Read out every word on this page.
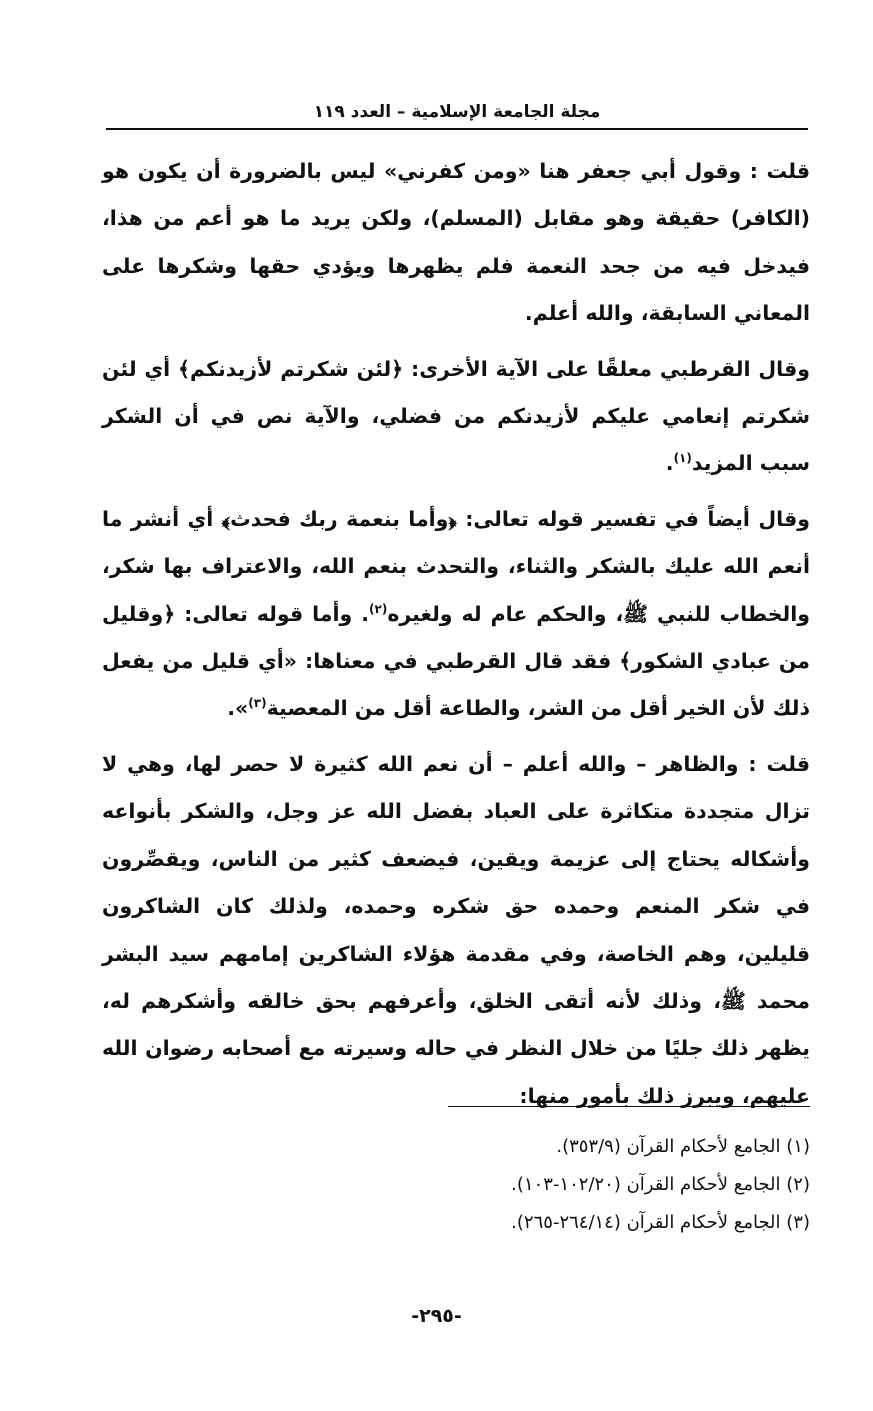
مجلة الجامعة الإسلامية – العدد ١١٩

قلت : وقول أبي جعفر هنا «ومن كفرني» ليس بالضرورة أن يكون هو (الكافر) حقيقة وهو مقابل (المسلم)، ولكن يريد ما هو أعم من هذا، فيدخل فيه من جحد النعمة فلم يظهرها ويؤدي حقها وشكرها على المعاني السابقة، والله أعلم.

وقال القرطبي معلقًا على الآية الأخرى: ﴿لئن شكرتم لأزيدنكم﴾ أي لئن شكرتم إنعامي عليكم لأزيدنكم من فضلي، والآية نص في أن الشكر سبب المزيد$^{(١)}$.

وقال أيضاً في تفسير قوله تعالى: ﴿وأما بنعمة ربك فحدث﴾ أي أنشر ما أنعم الله عليك بالشكر والثناء، والتحدث بنعم الله، والاعتراف بها شكر، والخطاب للنبي ﷺ، والحكم عام له ولغيره$^{(٢)}$. وأما قوله تعالى: ﴿وقليل من عبادي الشكور﴾ فقد قال القرطبي في معناها: «أي قليل من يفعل ذلك لأن الخير أقل من الشر، والطاعة أقل من المعصية$^{(٣)}$».

قلت : والظاهر – والله أعلم – أن نعم الله كثيرة لا حصر لها، وهي لا تزال متجددة متكاثرة على العباد بفضل الله عز وجل، والشكر بأنواعه وأشكاله يحتاج إلى عزيمة ويقين، فيضعف كثير من الناس، ويقصِّرون في شكر المنعم وحمده حق شكره وحمده، ولذلك كان الشاكرون قليلين، وهم الخاصة، وفي مقدمة هؤلاء الشاكرين إمامهم سيد البشر محمد ﷺ، وذلك لأنه أتقى الخلق، وأعرفهم بحق خالقه وأشكرهم له، يظهر ذلك جليًا من خلال النظر في حاله وسيرته مع أصحابه رضوان الله عليهم، ويبرز ذلك بأمور منها:

(١) الجامع لأحكام القرآن (٣٥٣/٩).

(٢) الجامع لأحكام القرآن (١٠٢/٢٠-١٠٣).

(٣) الجامع لأحكام القرآن (٢٦٤/١٤-٢٦٥).

-٢٩٥-
